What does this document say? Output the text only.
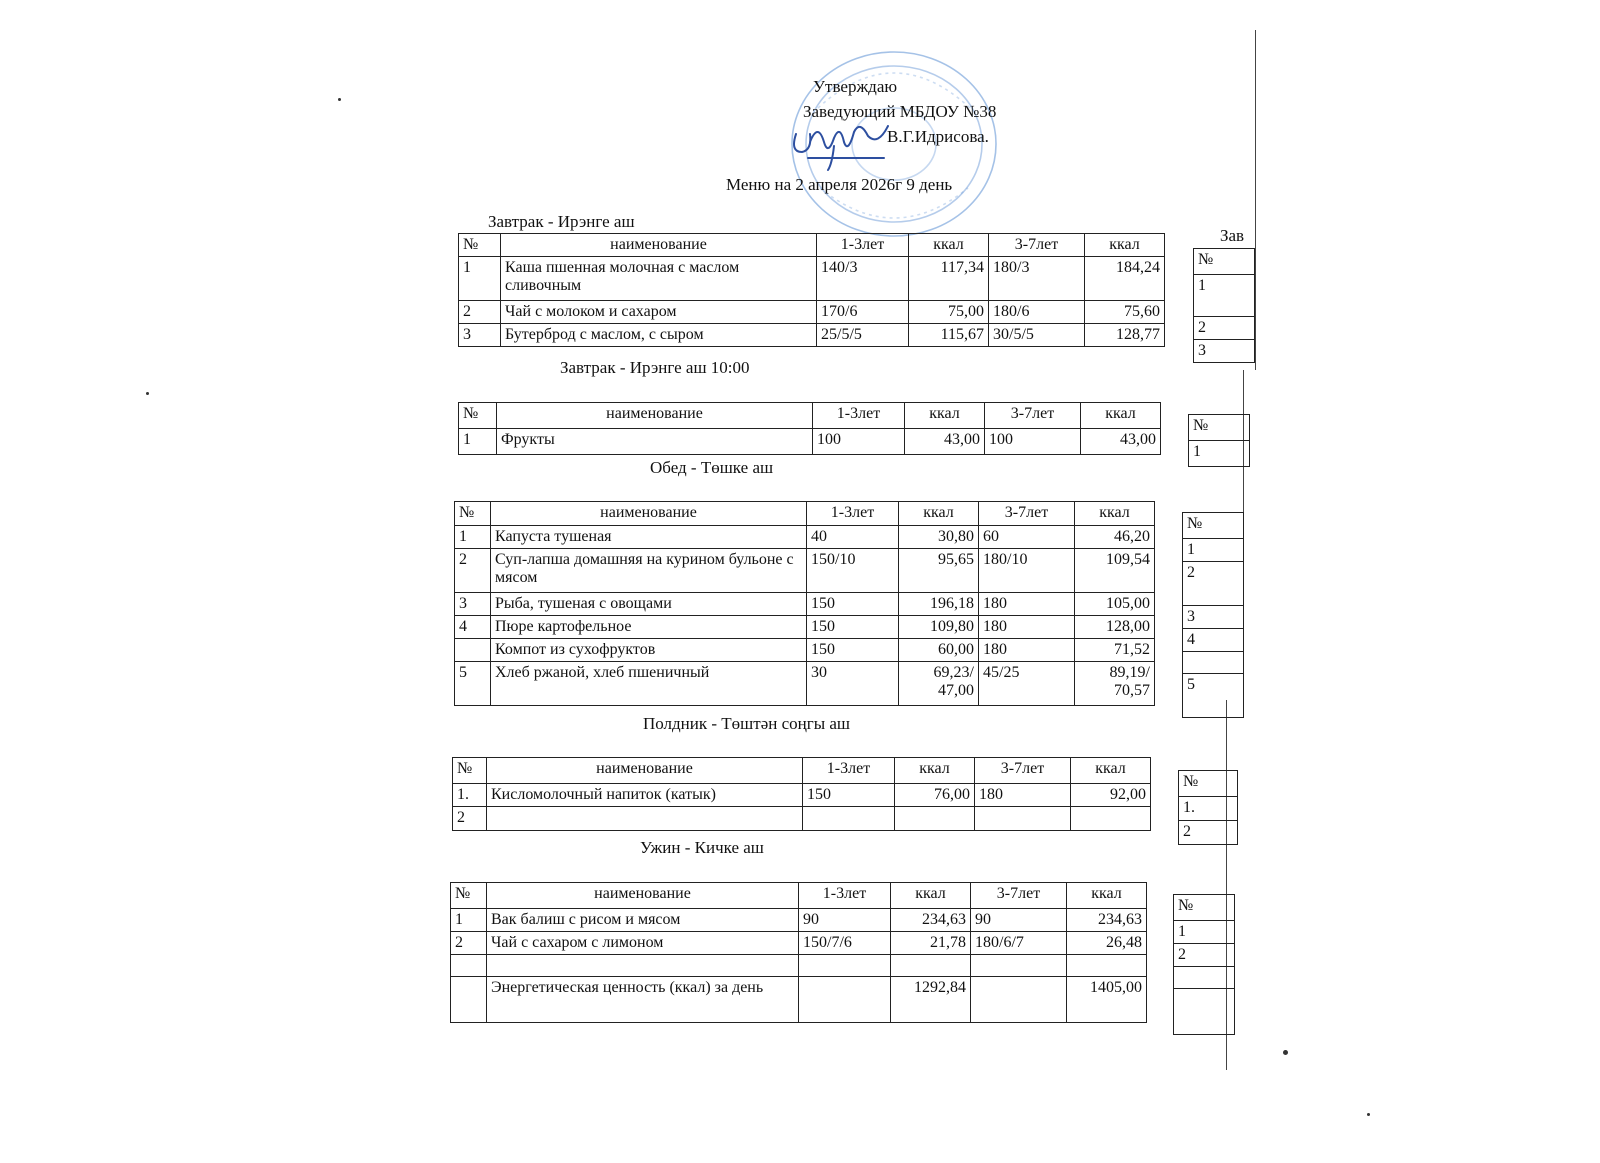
Утверждаю
Заведующий МБДОУ №38
В.Г.Идрисова.
Меню на 2 апреля 2026г 9 день
Завтрак - Ирэнге аш
Завтрак - Ирэнге аш 10:00
Обед - Төшке аш
Полдник - Төштән соңгы аш
Ужин - Кичке аш
Зав
№	наименование	1-3лет	ккал	3-7лет	ккал
1	Каша пшенная молочная с маслом сливочным	140/3	117,34	180/3	184,24
2	Чай с молоком и сахаром	170/6	75,00	180/6	75,60
3	Бутерброд с маслом, с сыром	25/5/5	115,67	30/5/5	128,77
№	наименование	1-3лет	ккал	3-7лет	ккал
1	Фрукты	100	43,00	100	43,00
№	наименование	1-3лет	ккал	3-7лет	ккал
1	Капуста тушеная	40	30,80	60	46,20
2	Суп-лапша домашняя на курином бульоне с мясом	150/10	95,65	180/10	109,54
3	Рыба, тушеная с овощами	150	196,18	180	105,00
4	Пюре картофельное	150	109,80	180	128,00
	Компот из сухофруктов	150	60,00	180	71,52
5	Хлеб ржаной, хлеб пшеничный	30	69,23/ 47,00	45/25	89,19/ 70,57
№	наименование	1-3лет	ккал	3-7лет	ккал
1.	Кисломолочный напиток (катык)	150	76,00	180	92,00
2					
№	наименование	1-3лет	ккал	3-7лет	ккал
1	Вак балиш с рисом и мясом	90	234,63	90	234,63
2	Чай с сахаром с лимоном	150/7/6	21,78	180/6/7	26,48

	Энергетическая ценность (ккал) за день		1292,84		1405,00
№
1
2
3
№
1
№
1
2
3
4

5
№
1.
2
№
1
2
